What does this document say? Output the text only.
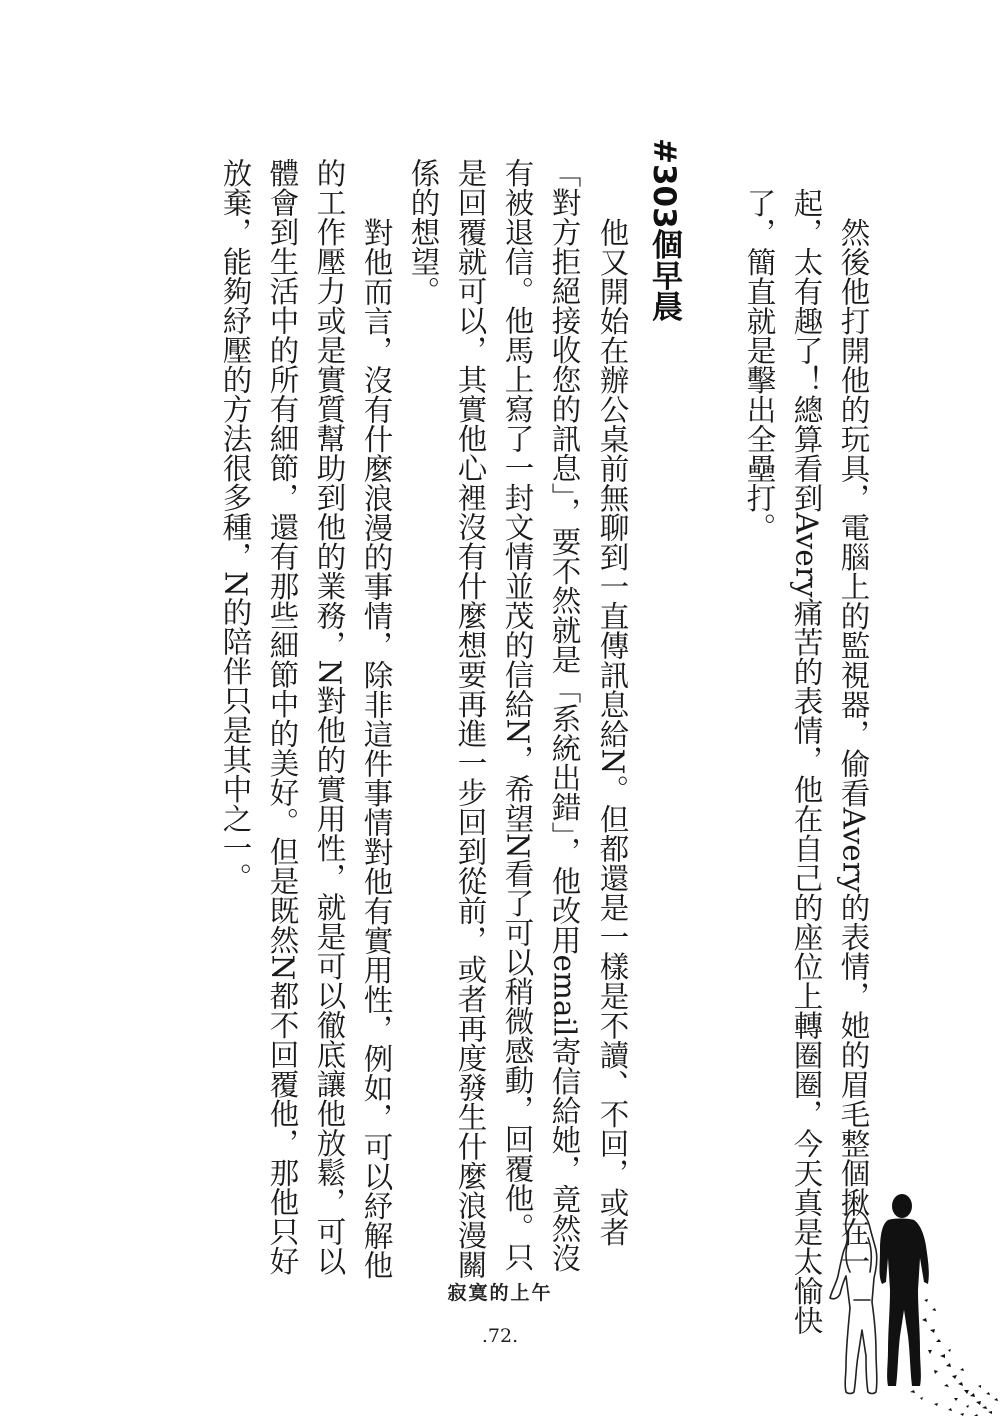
　然後他打開他的玩具，電腦上的監視器，偷看Avery的表情，她的眉毛整個揪在一
起，太有趣了！總算看到Avery痛苦的表情，他在自己的座位上轉圈圈，今天真是太愉快
了，簡直就是擊出全壘打。
#303個早晨
　他又開始在辦公桌前無聊到一直傳訊息給N。但都還是一樣是不讀、不回，或者
「對方拒絕接收您的訊息」，要不然就是「系統出錯」，他改用email寄信給她，竟然沒
有被退信。他馬上寫了一封文情並茂的信給N，希望N看了可以稍微感動，回覆他。只
是回覆就可以，其實他心裡沒有什麼想要再進一步回到從前，或者再度發生什麼浪漫關
係的想望。
　對他而言，沒有什麼浪漫的事情，除非這件事情對他有實用性，例如，可以紓解他
的工作壓力或是實質幫助到他的業務，N對他的實用性，就是可以徹底讓他放鬆，可以
體會到生活中的所有細節，還有那些細節中的美好。但是既然N都不回覆他，那他只好
放棄，能夠紓壓的方法很多種，N的陪伴只是其中之一。
寂寞的上午
.72.
